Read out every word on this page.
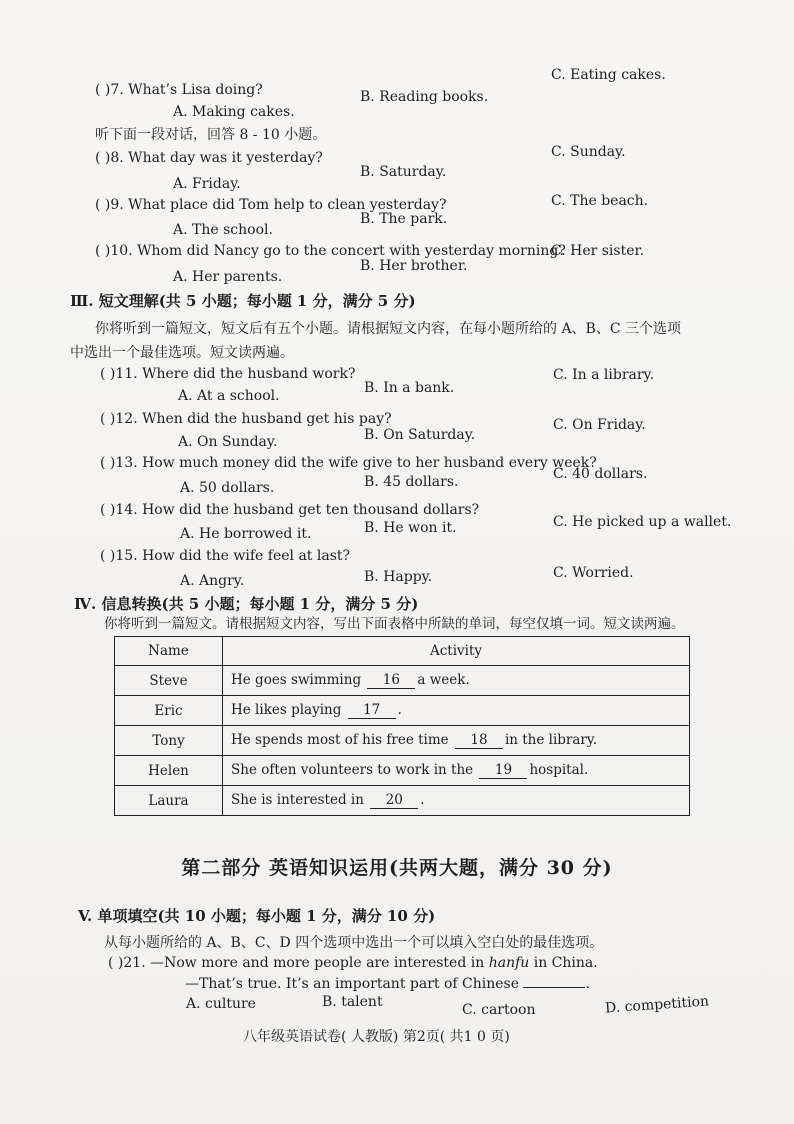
( )7. What’s Lisa doing?
A. Making cakes.
B. Reading books.
C. Eating cakes.
听下面一段对话，回答 8 - 10 小题。
( )8. What day was it yesterday?
A. Friday.
B. Saturday.
C. Sunday.
( )9. What place did Tom help to clean yesterday?
A. The school.
B. The park.
C. The beach.
( )10. Whom did Nancy go to the concert with yesterday morning?
A. Her parents.
B. Her brother.
C. Her sister.
Ⅲ. 短文理解(共 5 小题；每小题 1 分，满分 5 分)
你将听到一篇短文，短文后有五个小题。请根据短文内容，在每小题所给的 A、B、C 三个选项
中选出一个最佳选项。短文读两遍。
( )11. Where did the husband work?
A. At a school.	B. In a bank.
C. In a library.
( )12. When did the husband get his pay?
A. On Sunday.	B. On Saturday.
C. On Friday.
( )13. How much money did the wife give to her husband every week?
A. 50 dollars.	B. 45 dollars.	C. 40 dollars.
( )14. How did the husband get ten thousand dollars?
A. He borrowed it.	B. He won it.	C. He picked up a wallet.
( )15. How did the wife feel at last?
A. Angry.	B. Happy.	C. Worried.
Ⅳ. 信息转换(共 5 小题；每小题 1 分，满分 5 分)
你将听到一篇短文。请根据短文内容，写出下面表格中所缺的单词，每空仅填一词。短文读两遍。
Name	Activity
Steve	He goes swimming 16 a week.
Eric	He likes playing 17 .
Tony	He spends most of his free time 18 in the library.
Helen	She often volunteers to work in the 19 hospital.
Laura	She is interested in 20 .
第二部分 英语知识运用(共两大题，满分 30 分)
V. 单项填空(共 10 小题；每小题 1 分，满分 10 分)
从每小题所给的 A、B、C、D 四个选项中选出一个可以填入空白处的最佳选项。
( )21. —Now more and more people are interested in hanfu in China.
—That’s true. It’s an important part of Chinese	.
A. culture	B. talent	C. cartoon	D. competition
八年级英语试卷( 人教版) 第2页( 共1 0 页)
